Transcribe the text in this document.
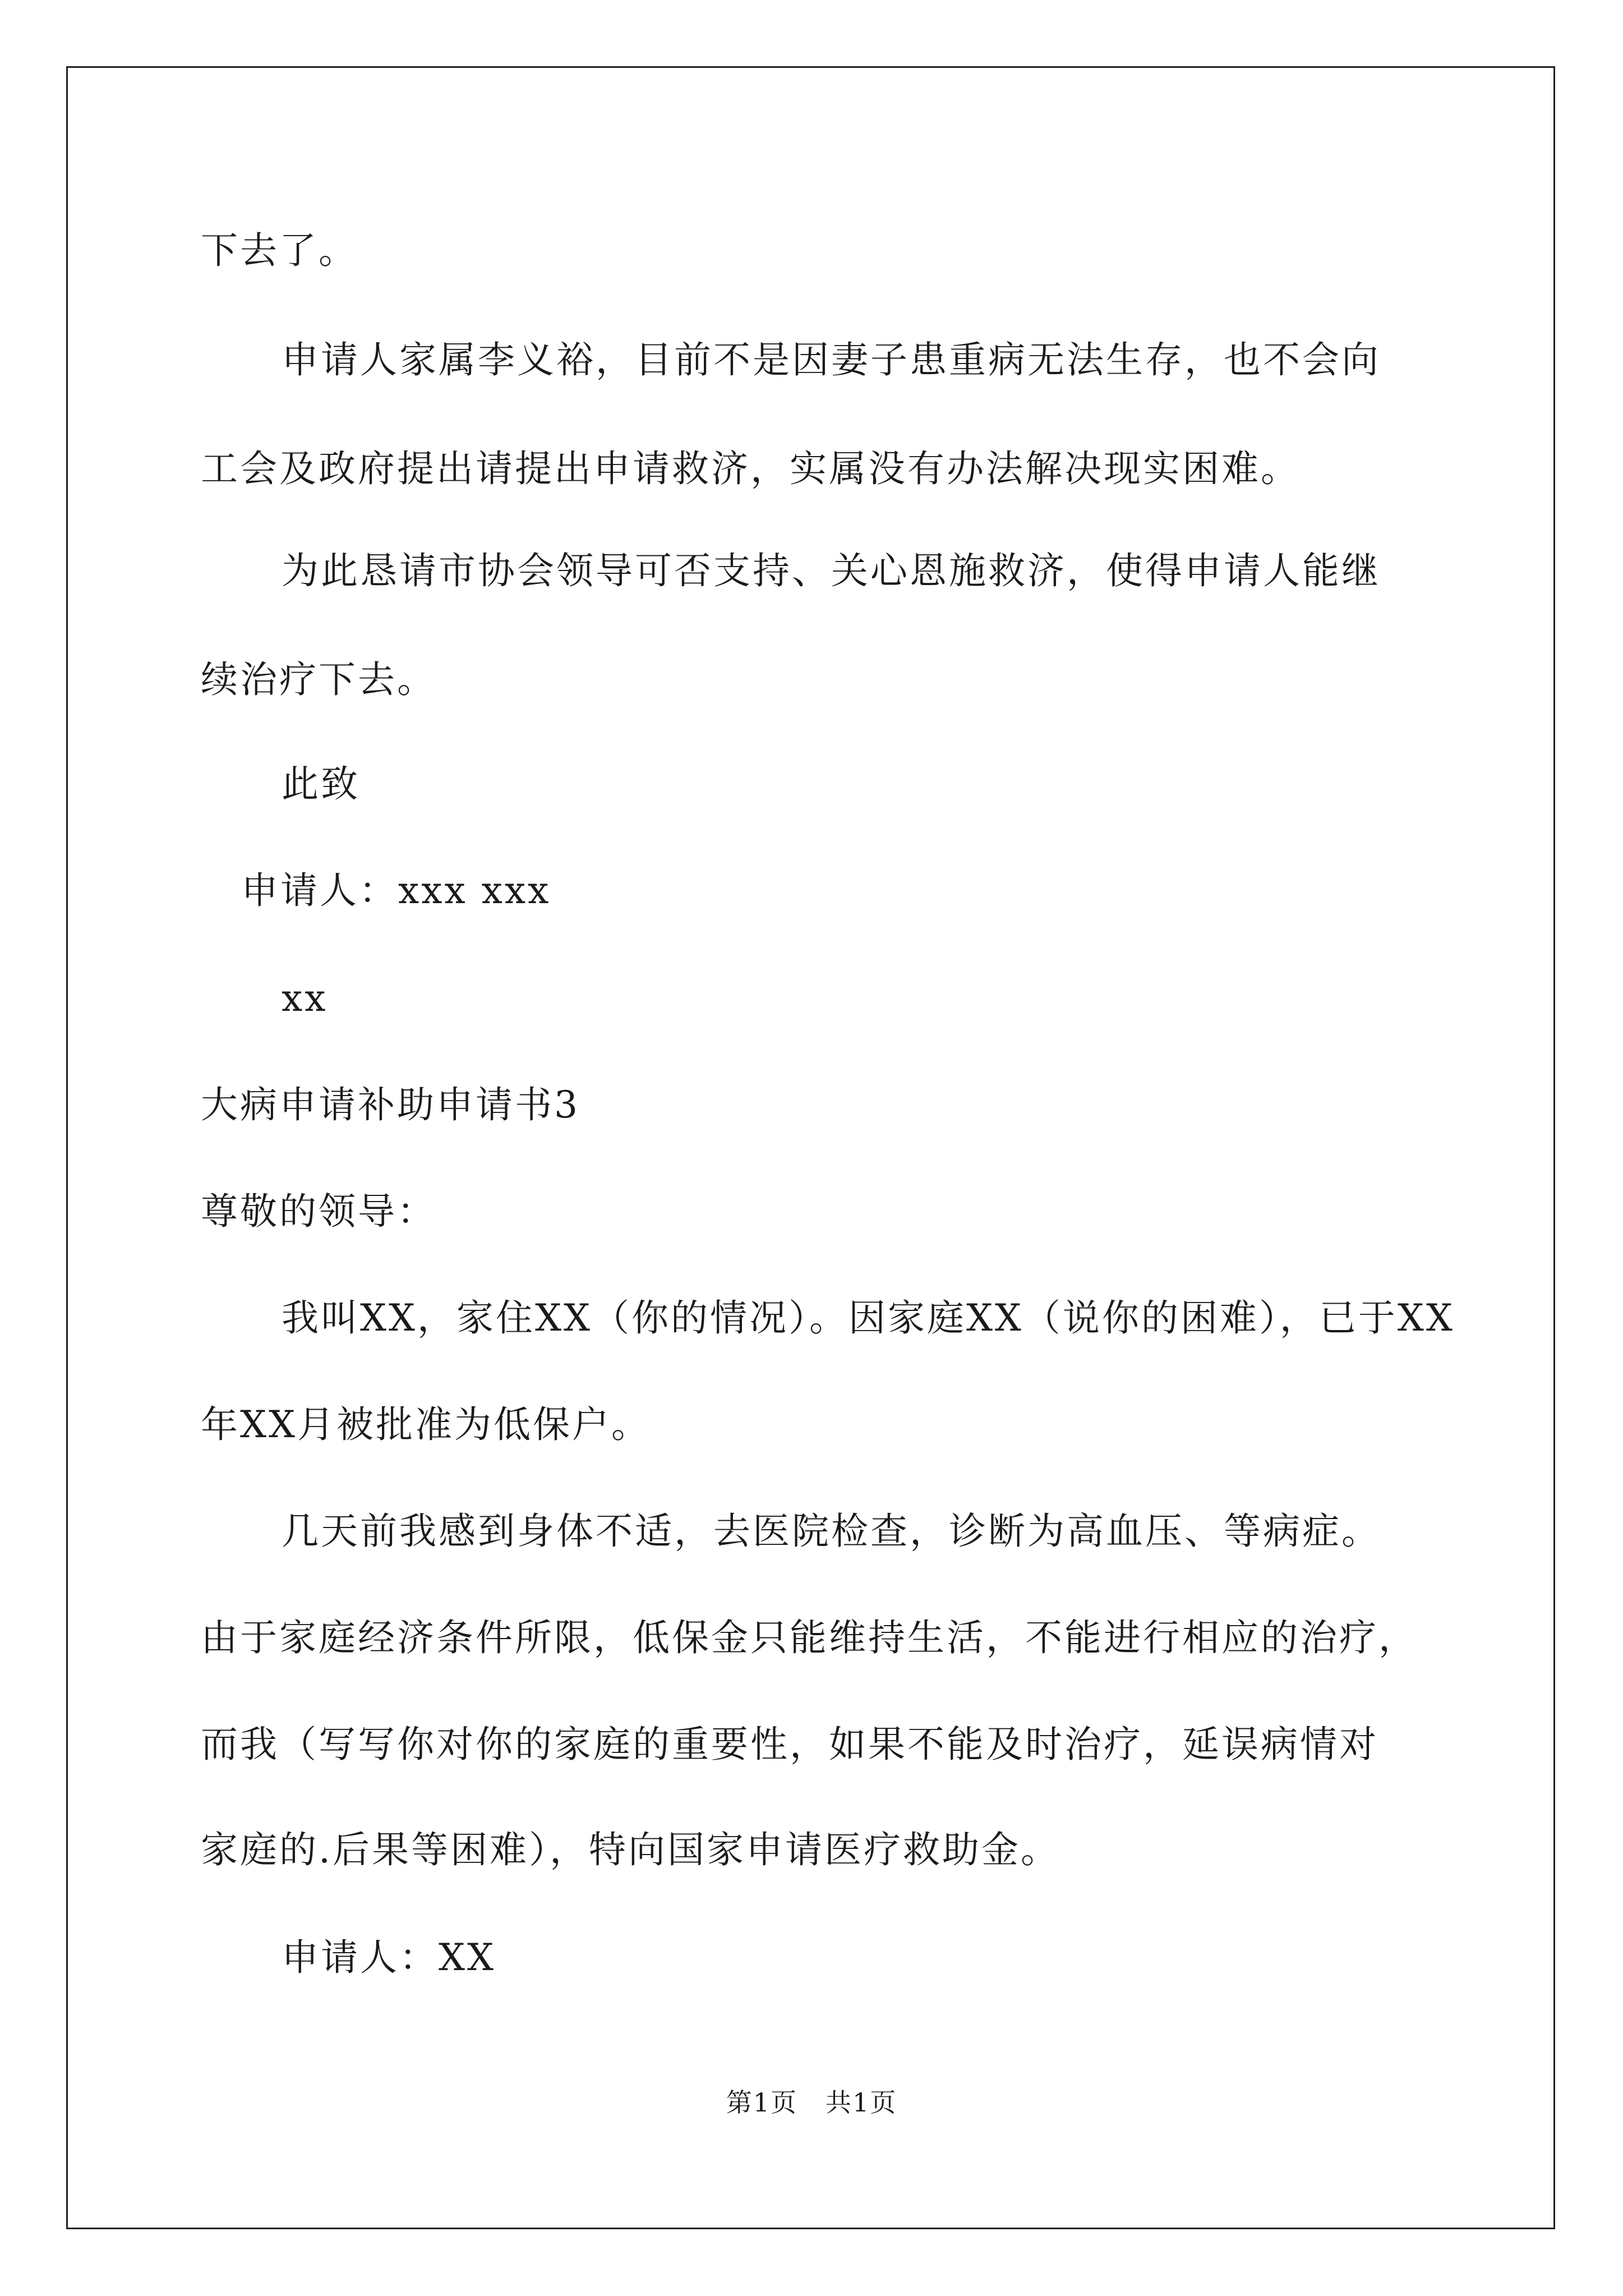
下去了。
申请人家属李义裕，目前不是因妻子患重病无法生存，也不会向
工会及政府提出请提出申请救济，实属没有办法解决现实困难。
为此恳请市协会领导可否支持、关心恩施救济，使得申请人能继
续治疗下去。
此致
申请人：xxx xxx
xx
大病申请补助申请书3
尊敬的领导：
我叫XX，家住XX（你的情况）。因家庭XX（说你的困难），已于XX
年XX月被批准为低保户。
几天前我感到身体不适，去医院检查，诊断为高血压、等病症。
由于家庭经济条件所限，低保金只能维持生活，不能进行相应的治疗，
而我（写写你对你的家庭的重要性，如果不能及时治疗，延误病情对
家庭的.后果等困难），特向国家申请医疗救助金。
申请人：XX
第1页 共1页
